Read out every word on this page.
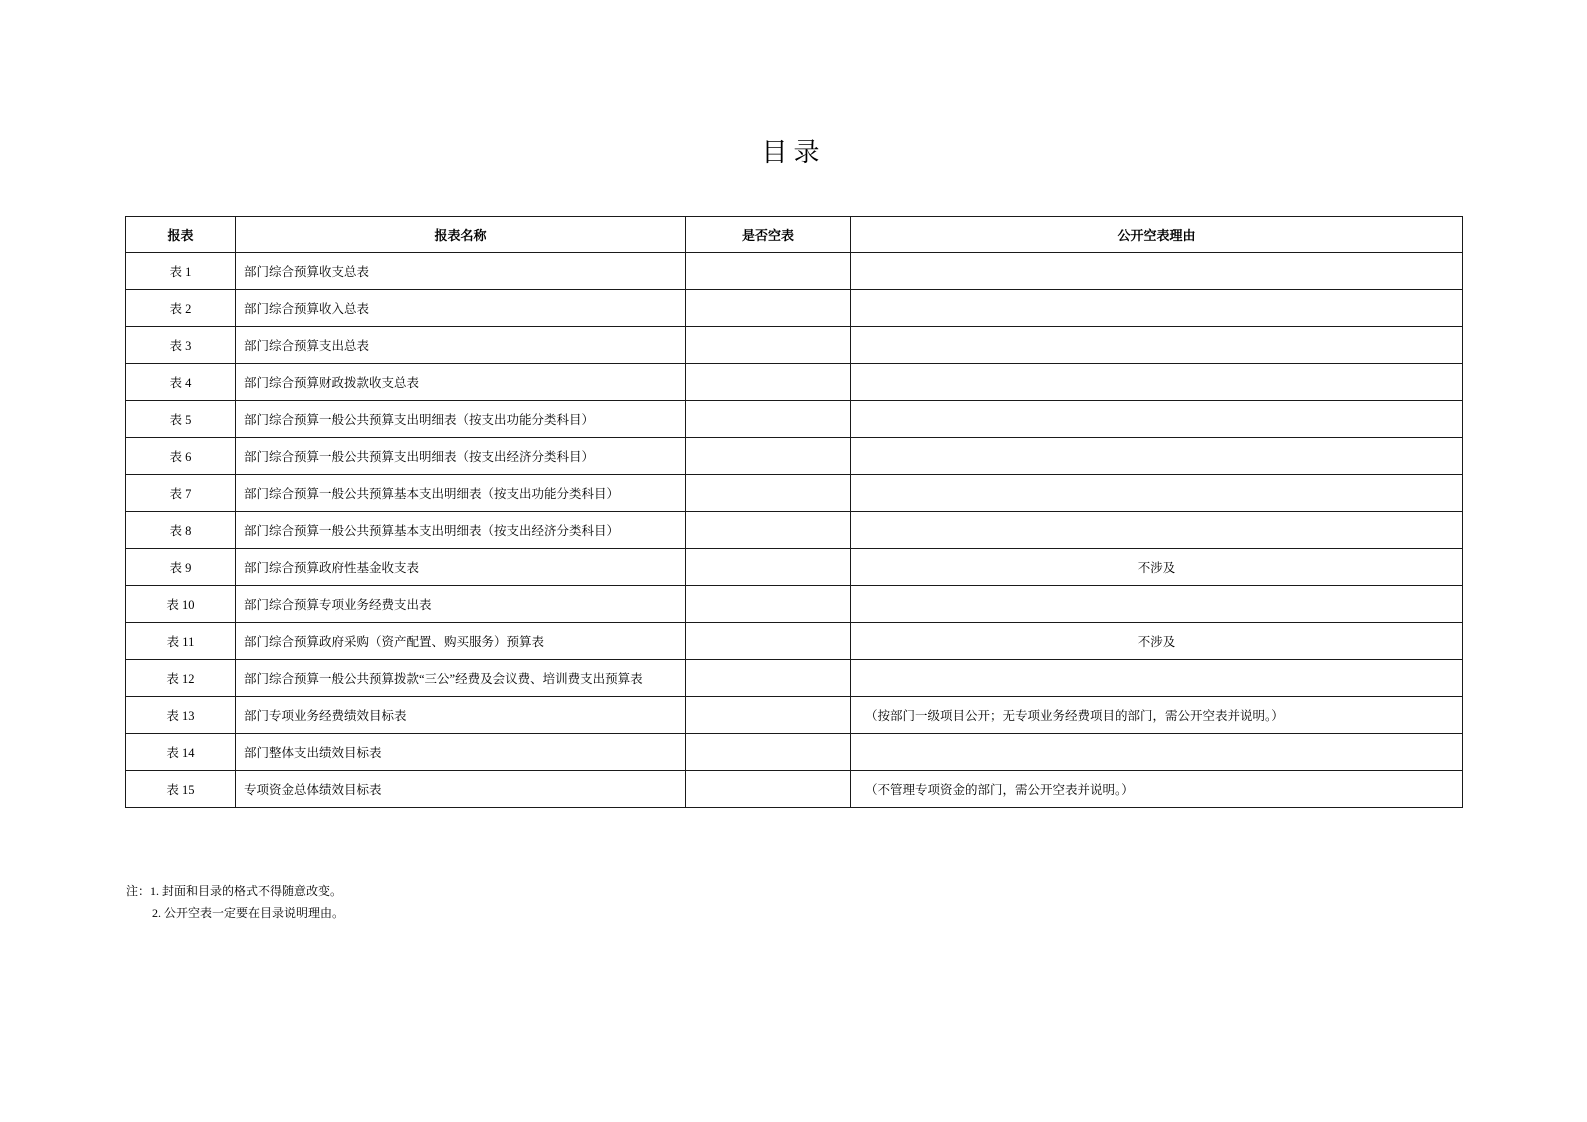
目录
报表	报表名称	是否空表	公开空表理由
表 1	部门综合预算收支总表		
表 2	部门综合预算收入总表		
表 3	部门综合预算支出总表		
表 4	部门综合预算财政拨款收支总表		
表 5	部门综合预算一般公共预算支出明细表（按支出功能分类科目）		
表 6	部门综合预算一般公共预算支出明细表（按支出经济分类科目）		
表 7	部门综合预算一般公共预算基本支出明细表（按支出功能分类科目）		
表 8	部门综合预算一般公共预算基本支出明细表（按支出经济分类科目）		
表 9	部门综合预算政府性基金收支表		不涉及
表 10	部门综合预算专项业务经费支出表		
表 11	部门综合预算政府采购（资产配置、购买服务）预算表		不涉及
表 12	部门综合预算一般公共预算拨款“三公”经费及会议费、培训费支出预算表		
表 13	部门专项业务经费绩效目标表		（按部门一级项目公开；无专项业务经费项目的部门，需公开空表并说明。）
表 14	部门整体支出绩效目标表		
表 15	专项资金总体绩效目标表		（不管理专项资金的部门，需公开空表并说明。）
注：1. 封面和目录的格式不得随意改变。
2. 公开空表一定要在目录说明理由。
